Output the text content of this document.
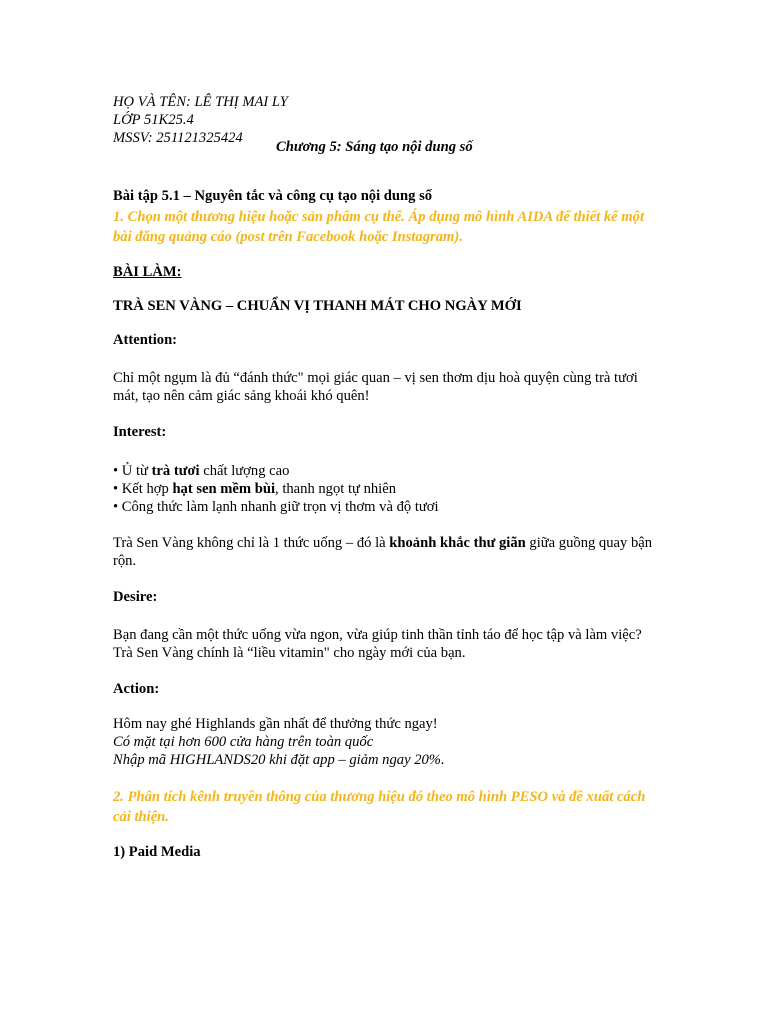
HỌ VÀ TÊN: LÊ THỊ MAI LY

LỚP 51K25.4

MSSV: 251121325424
Chương 5: Sáng tạo nội dung số

Bài tập 5.1 – Nguyên tắc và công cụ tạo nội dung số

1. Chọn một thương hiệu hoặc sản phẩm cụ thể. Áp dụng mô hình AIDA để thiết kế một bài đăng quảng cáo (post trên Facebook hoặc Instagram).

BÀI LÀM:

TRÀ SEN VÀNG – CHUẨN VỊ THANH MÁT CHO NGÀY MỚI

Attention:

Chỉ một ngụm là đủ “đánh thức" mọi giác quan – vị sen thơm dịu hoà quyện cùng trà tươi mát, tạo nên cảm giác sảng khoái khó quên!

Interest:

• Ủ từ trà tươi chất lượng cao

• Kết hợp hạt sen mềm bùi, thanh ngọt tự nhiên

• Công thức làm lạnh nhanh giữ trọn vị thơm và độ tươi

Trà Sen Vàng không chỉ là 1 thức uống – đó là khoảnh khắc thư giãn giữa guồng quay bận rộn.

Desire:

Bạn đang cần một thức uống vừa ngon, vừa giúp tinh thần tỉnh táo để học tập và làm việc?

Trà Sen Vàng chính là “liều vitamin" cho ngày mới của bạn.

Action:

Hôm nay ghé Highlands gần nhất để thưởng thức ngay!

Có mặt tại hơn 600 cửa hàng trên toàn quốc

Nhập mã HIGHLANDS20 khi đặt app – giảm ngay 20%.

2. Phân tích kênh truyền thông của thương hiệu đó theo mô hình PESO và đề xuất cách cải thiện.

1) Paid Media
